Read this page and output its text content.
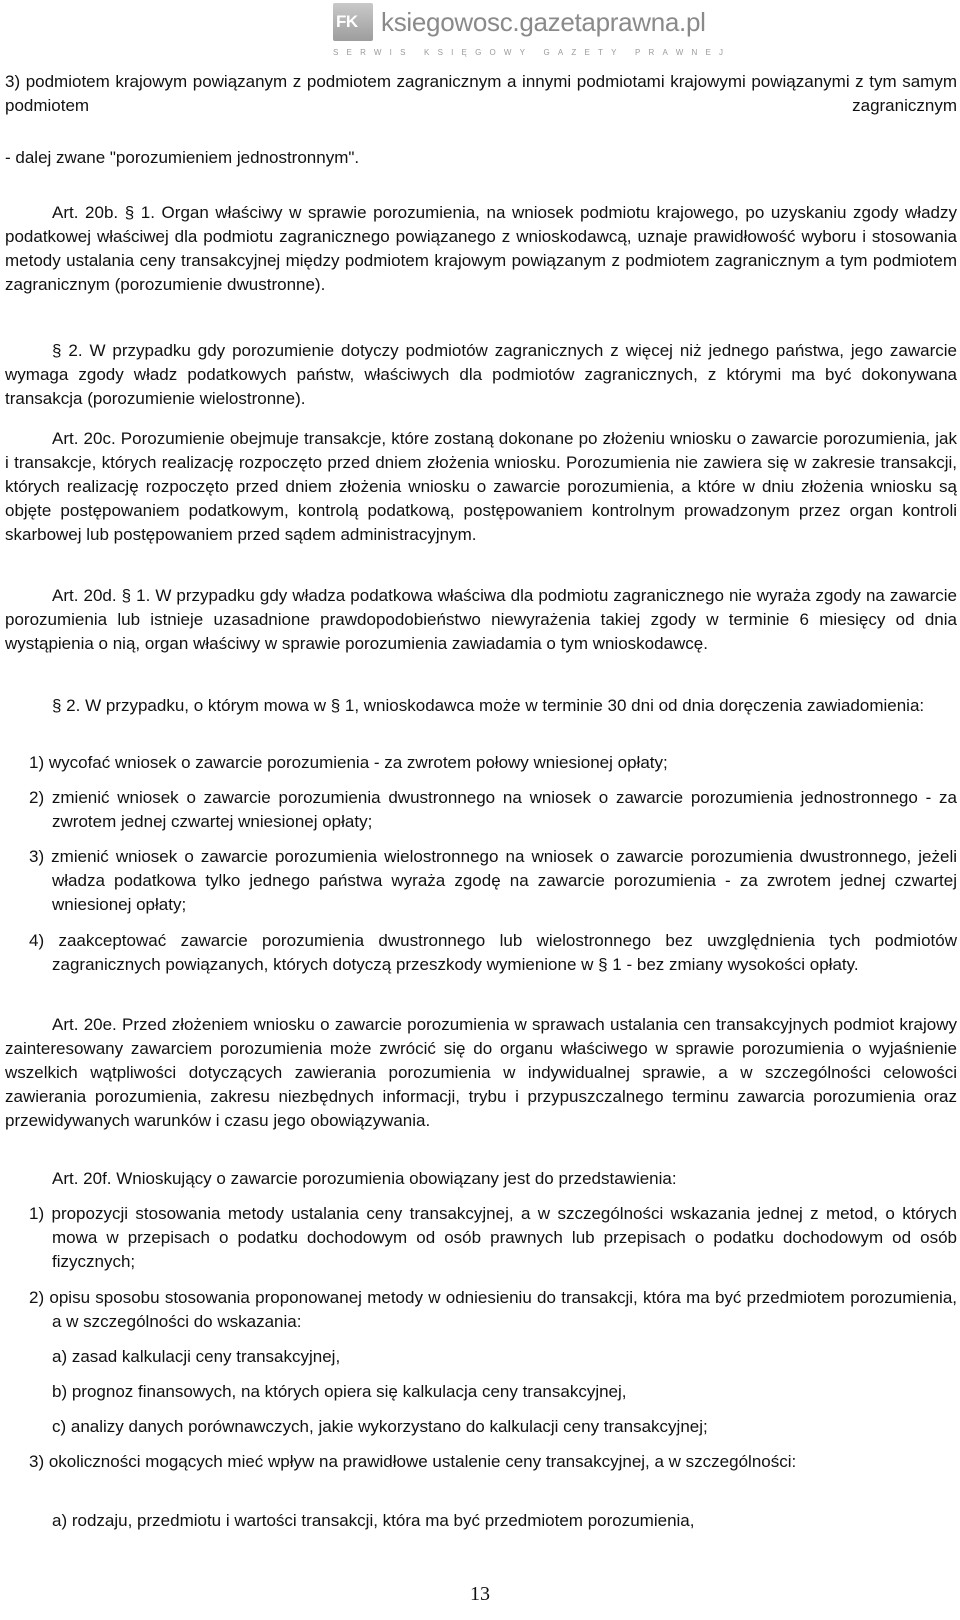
FK ksiegowosc.gazetaprawna.pl
SERWIS KSIĘGOWY GAZETY PRAWNEJ
3) podmiotem krajowym powiązanym z podmiotem zagranicznym a innymi podmiotami krajowymi powiązanymi z tym samym podmiotem zagranicznym
- dalej zwane "porozumieniem jednostronnym".
Art. 20b. § 1. Organ właściwy w sprawie porozumienia, na wniosek podmiotu krajowego, po uzyskaniu zgody władzy podatkowej właściwej dla podmiotu zagranicznego powiązanego z wnioskodawcą, uznaje prawidłowość wyboru i stosowania metody ustalania ceny transakcyjnej między podmiotem krajowym powiązanym z podmiotem zagranicznym a tym podmiotem zagranicznym (porozumienie dwustronne).
§ 2. W przypadku gdy porozumienie dotyczy podmiotów zagranicznych z więcej niż jednego państwa, jego zawarcie wymaga zgody władz podatkowych państw, właściwych dla podmiotów zagranicznych, z którymi ma być dokonywana transakcja (porozumienie wielostronne).
Art. 20c. Porozumienie obejmuje transakcje, które zostaną dokonane po złożeniu wniosku o zawarcie porozumienia, jak i transakcje, których realizację rozpoczęto przed dniem złożenia wniosku. Porozumienia nie zawiera się w zakresie transakcji, których realizację rozpoczęto przed dniem złożenia wniosku o zawarcie porozumienia, a które w dniu złożenia wniosku są objęte postępowaniem podatkowym, kontrolą podatkową, postępowaniem kontrolnym prowadzonym przez organ kontroli skarbowej lub postępowaniem przed sądem administracyjnym.
Art. 20d. § 1. W przypadku gdy władza podatkowa właściwa dla podmiotu zagranicznego nie wyraża zgody na zawarcie porozumienia lub istnieje uzasadnione prawdopodobieństwo niewyrażenia takiej zgody w terminie 6 miesięcy od dnia wystąpienia o nią, organ właściwy w sprawie porozumienia zawiadamia o tym wnioskodawcę.
§ 2. W przypadku, o którym mowa w § 1, wnioskodawca może w terminie 30 dni od dnia doręczenia zawiadomienia:
1) wycofać wniosek o zawarcie porozumienia - za zwrotem połowy wniesionej opłaty;
2) zmienić wniosek o zawarcie porozumienia dwustronnego na wniosek o zawarcie porozumienia jednostronnego - za zwrotem jednej czwartej wniesionej opłaty;
3) zmienić wniosek o zawarcie porozumienia wielostronnego na wniosek o zawarcie porozumienia dwustronnego, jeżeli władza podatkowa tylko jednego państwa wyraża zgodę na zawarcie porozumienia - za zwrotem jednej czwartej wniesionej opłaty;
4) zaakceptować zawarcie porozumienia dwustronnego lub wielostronnego bez uwzględnienia tych podmiotów zagranicznych powiązanych, których dotyczą przeszkody wymienione w § 1 - bez zmiany wysokości opłaty.
Art. 20e. Przed złożeniem wniosku o zawarcie porozumienia w sprawach ustalania cen transakcyjnych podmiot krajowy zainteresowany zawarciem porozumienia może zwrócić się do organu właściwego w sprawie porozumienia o wyjaśnienie wszelkich wątpliwości dotyczących zawierania porozumienia w indywidualnej sprawie, a w szczególności celowości zawierania porozumienia, zakresu niezbędnych informacji, trybu i przypuszczalnego terminu zawarcia porozumienia oraz przewidywanych warunków i czasu jego obowiązywania.
Art. 20f. Wnioskujący o zawarcie porozumienia obowiązany jest do przedstawienia:
1) propozycji stosowania metody ustalania ceny transakcyjnej, a w szczególności wskazania jednej z metod, o których mowa w przepisach o podatku dochodowym od osób prawnych lub przepisach o podatku dochodowym od osób fizycznych;
2) opisu sposobu stosowania proponowanej metody w odniesieniu do transakcji, która ma być przedmiotem porozumienia, a w szczególności do wskazania:
a) zasad kalkulacji ceny transakcyjnej,
b) prognoz finansowych, na których opiera się kalkulacja ceny transakcyjnej,
c) analizy danych porównawczych, jakie wykorzystano do kalkulacji ceny transakcyjnej;
3) okoliczności mogących mieć wpływ na prawidłowe ustalenie ceny transakcyjnej, a w szczególności:
a) rodzaju, przedmiotu i wartości transakcji, która ma być przedmiotem porozumienia,
13
